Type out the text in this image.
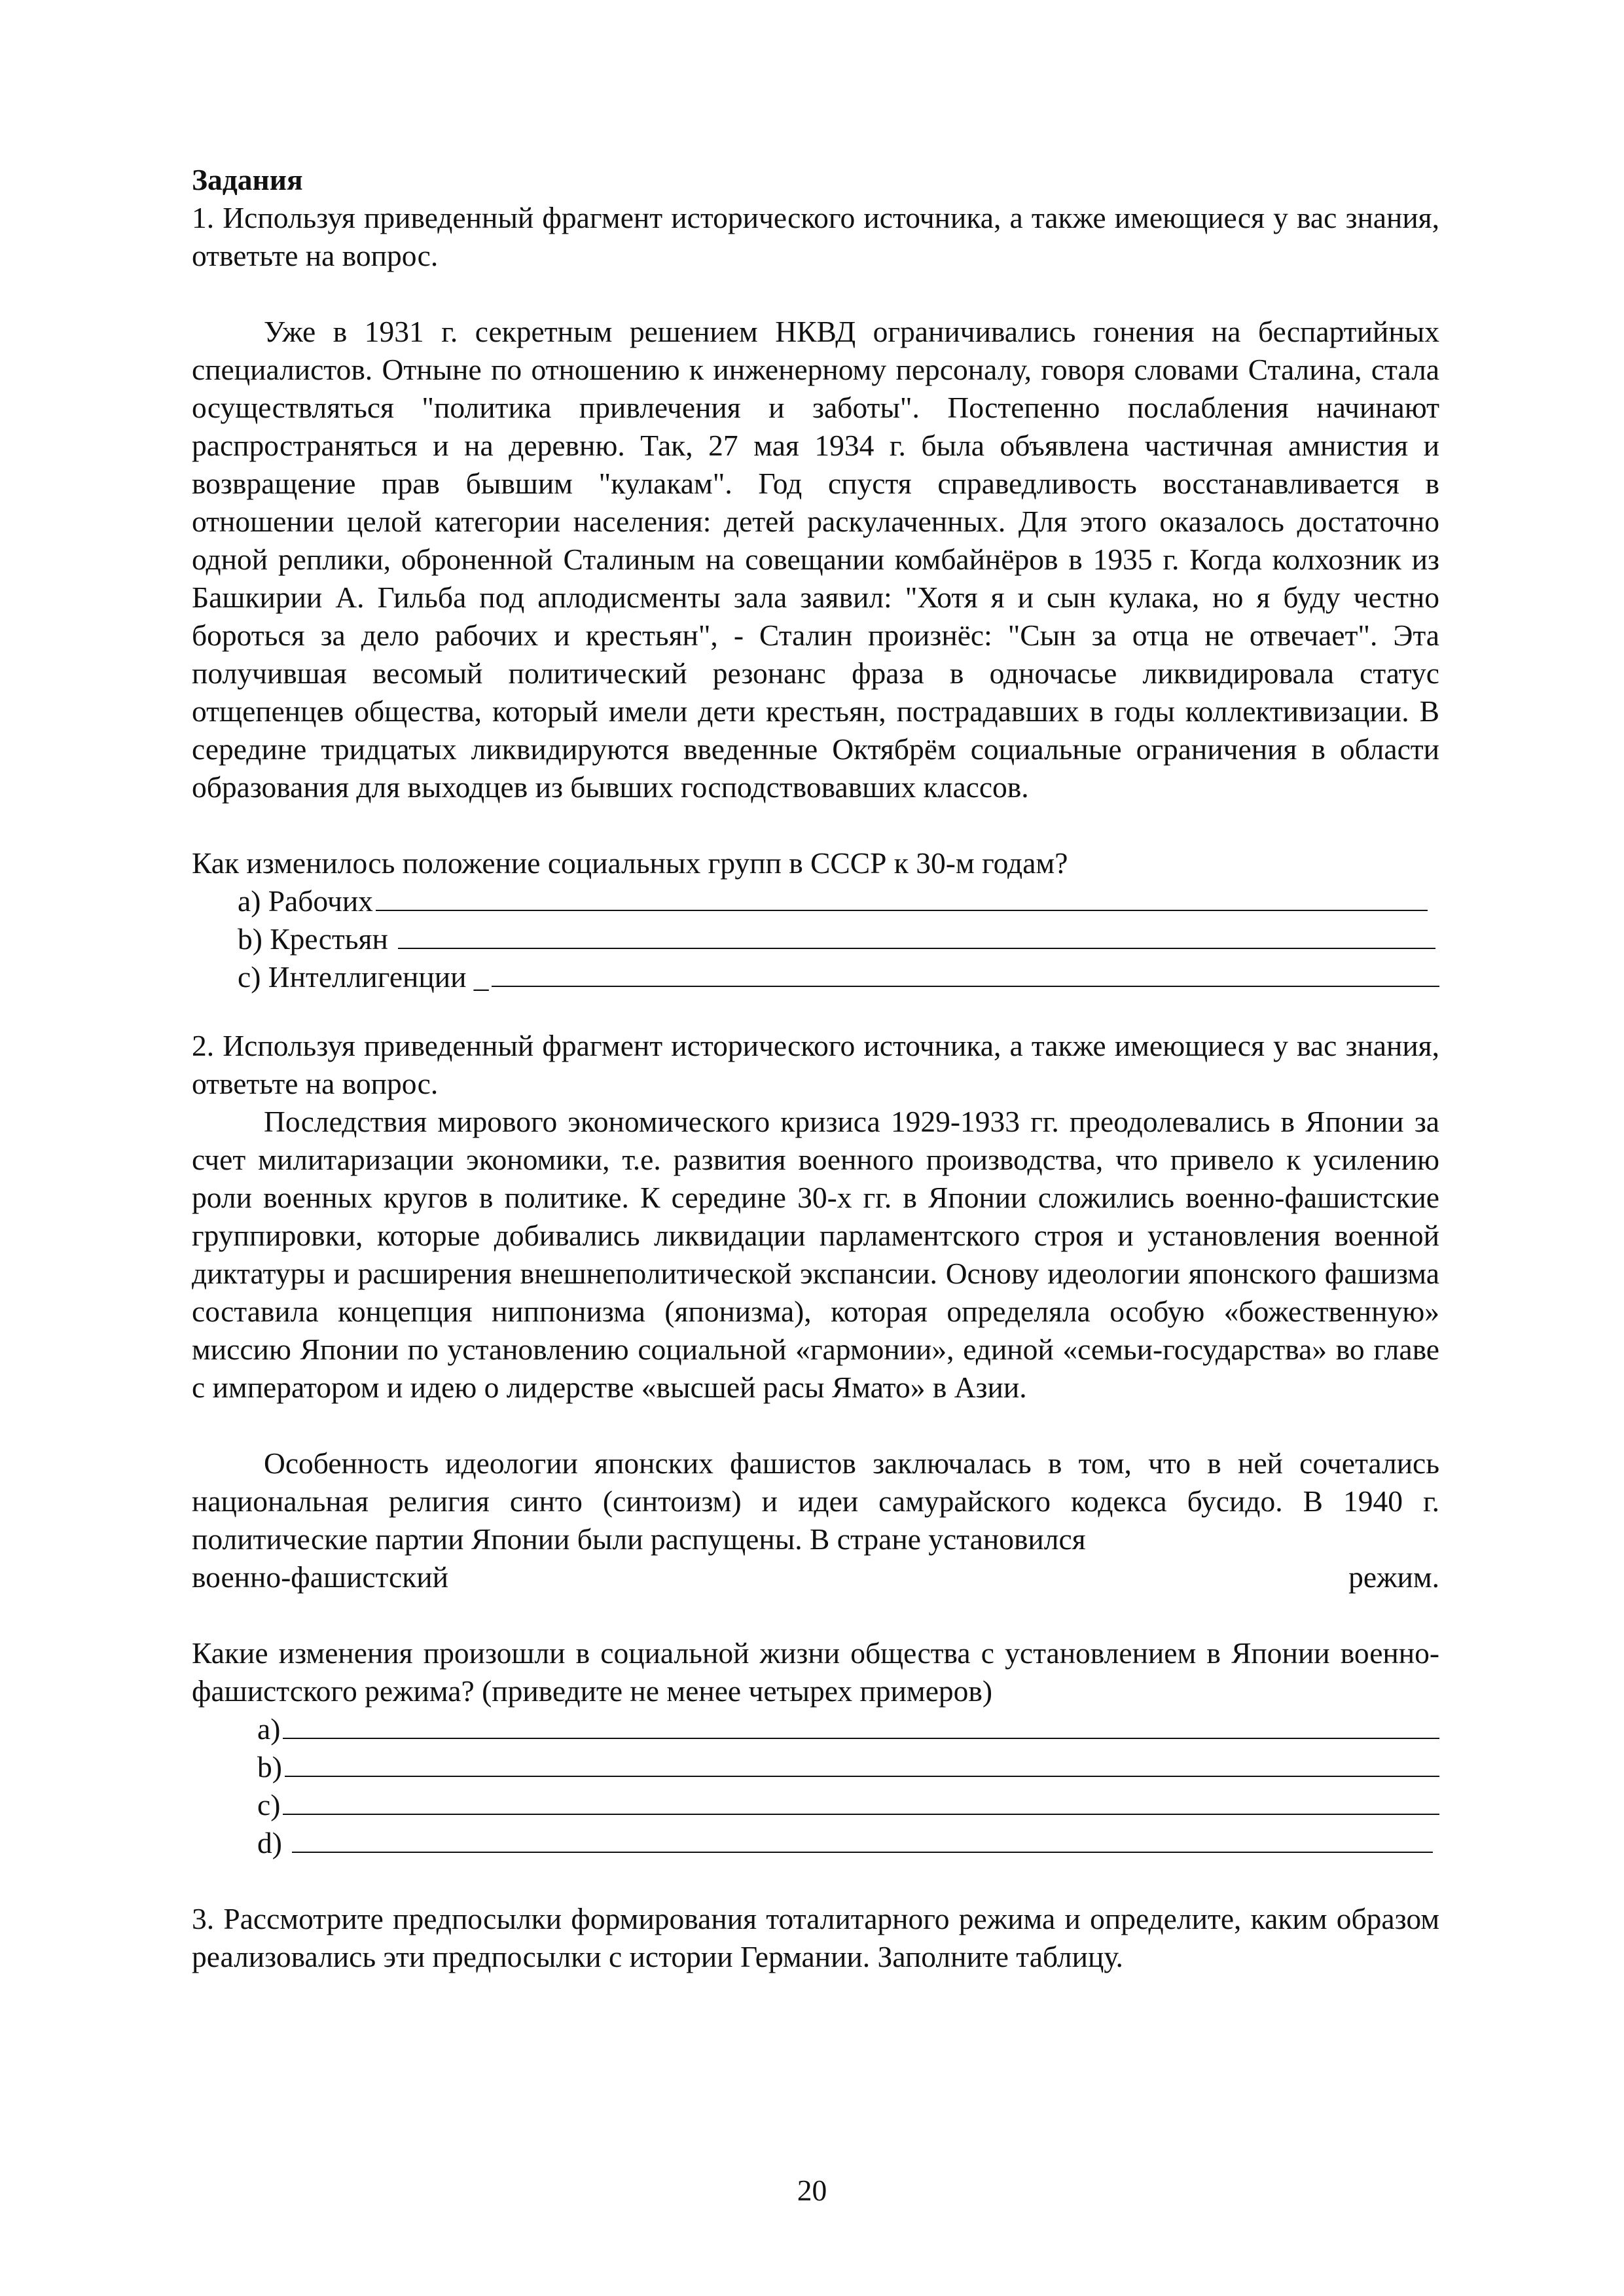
Задания
1. Используя приведенный фрагмент исторического источника, а также имеющиеся у вас знания, ответьте на вопрос.
Уже в 1931 г. секретным решением НКВД ограничивались гонения на беспартийных специалистов. Отныне по отношению к инженерному персоналу, говоря словами Сталина, стала осуществляться "политика привлечения и заботы". Постепенно послабления начинают распространяться и на деревню. Так, 27 мая 1934 г. была объявлена частичная амнистия и возвращение прав бывшим "кулакам". Год спустя справедливость восстанавливается в отношении целой категории населения: детей раскулаченных. Для этого оказалось достаточно одной реплики, оброненной Сталиным на совещании комбайнёров в 1935 г. Когда колхозник из Башкирии А. Гильба под аплодисменты зала заявил: "Хотя я и сын кулака, но я буду честно бороться за дело рабочих и крестьян", - Сталин произнёс: "Сын за отца не отвечает". Эта получившая весомый политический резонанс фраза в одночасье ликвидировала статус отщепенцев общества, который имели дети крестьян, пострадавших в годы коллективизации. В середине тридцатых ликвидируются введенные Октябрём социальные ограничения в области образования для выходцев из бывших господствовавших классов.
Как изменилось положение социальных групп в СССР к 30-м годам?
a) Рабочих
b) Крестьян
c) Интеллигенции _
2. Используя приведенный фрагмент исторического источника, а также имеющиеся у вас знания, ответьте на вопрос.
Последствия мирового экономического кризиса 1929-1933 гг. преодолевались в Японии за счет милитаризации экономики, т.е. развития военного производства, что привело к усилению роли военных кругов в политике. К середине 30-х гг. в Японии сложились военно-фашистские группировки, которые добивались ликвидации парламентского строя и установления военной диктатуры и расширения внешнеполитической экспансии. Основу идеологии японского фашизма составила концепция ниппонизма (японизма), которая определяла особую «божественную» миссию Японии по установлению социальной «гармонии», единой «семьи-государства» во главе с императором и идею о лидерстве «высшей расы Ямато» в Азии.
Особенность идеологии японских фашистов заключалась в том, что в ней сочетались национальная религия синто (синтоизм) и идеи самурайского кодекса бусидо. В 1940 г. политические партии Японии были распущены. В стране установился
военно-фашистский	режим.
Какие изменения произошли в социальной жизни общества с установлением в Японии военно-фашистского режима? (приведите не менее четырех примеров)
a)
b)
c)
d)
3. Рассмотрите предпосылки формирования тоталитарного режима и определите, каким образом реализовались эти предпосылки с истории Германии. Заполните таблицу.
20
